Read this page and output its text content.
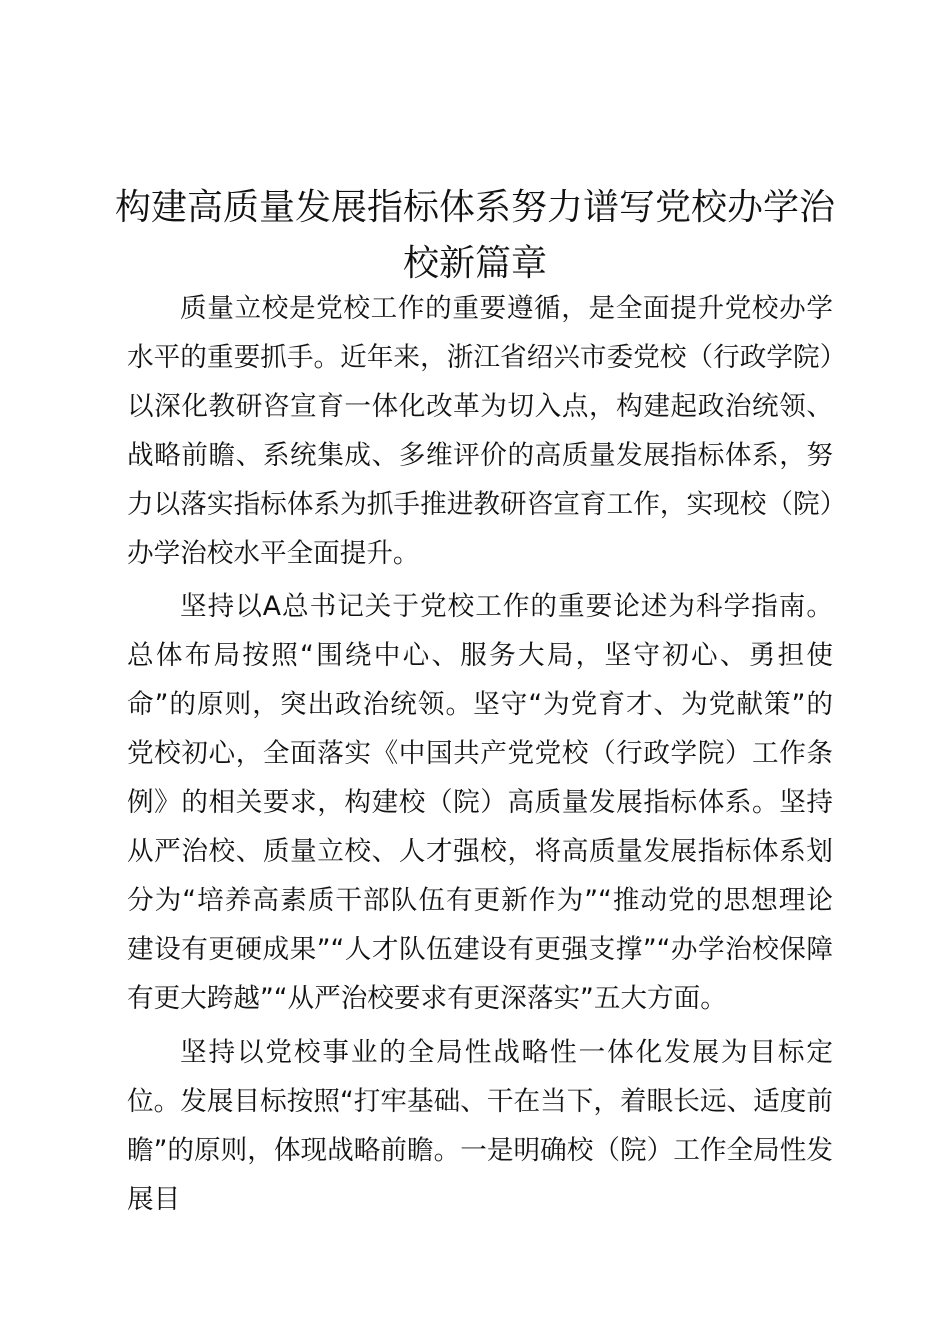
构建高质量发展指标体系努力谱写党校办学治校新篇章

质量立校是党校工作的重要遵循，是全面提升党校办学水平的重要抓手。近年来，浙江省绍兴市委党校（行政学院）以深化教研咨宣育一体化改革为切入点，构建起政治统领、战略前瞻、系统集成、多维评价的高质量发展指标体系，努力以落实指标体系为抓手推进教研咨宣育工作，实现校（院）办学治校水平全面提升。

坚持以A总书记关于党校工作的重要论述为科学指南。总体布局按照“围绕中心、服务大局，坚守初心、勇担使命”的原则，突出政治统领。坚守“为党育才、为党献策”的党校初心，全面落实《中国共产党党校（行政学院）工作条例》的相关要求，构建校（院）高质量发展指标体系。坚持从严治校、质量立校、人才强校，将高质量发展指标体系划分为“培养高素质干部队伍有更新作为”“推动党的思想理论建设有更硬成果”“人才队伍建设有更强支撑”“办学治校保障有更大跨越”“从严治校要求有更深落实”五大方面。

坚持以党校事业的全局性战略性一体化发展为目标定位。发展目标按照“打牢基础、干在当下，着眼长远、适度前瞻”的原则，体现战略前瞻。一是明确校（院）工作全局性发展目
